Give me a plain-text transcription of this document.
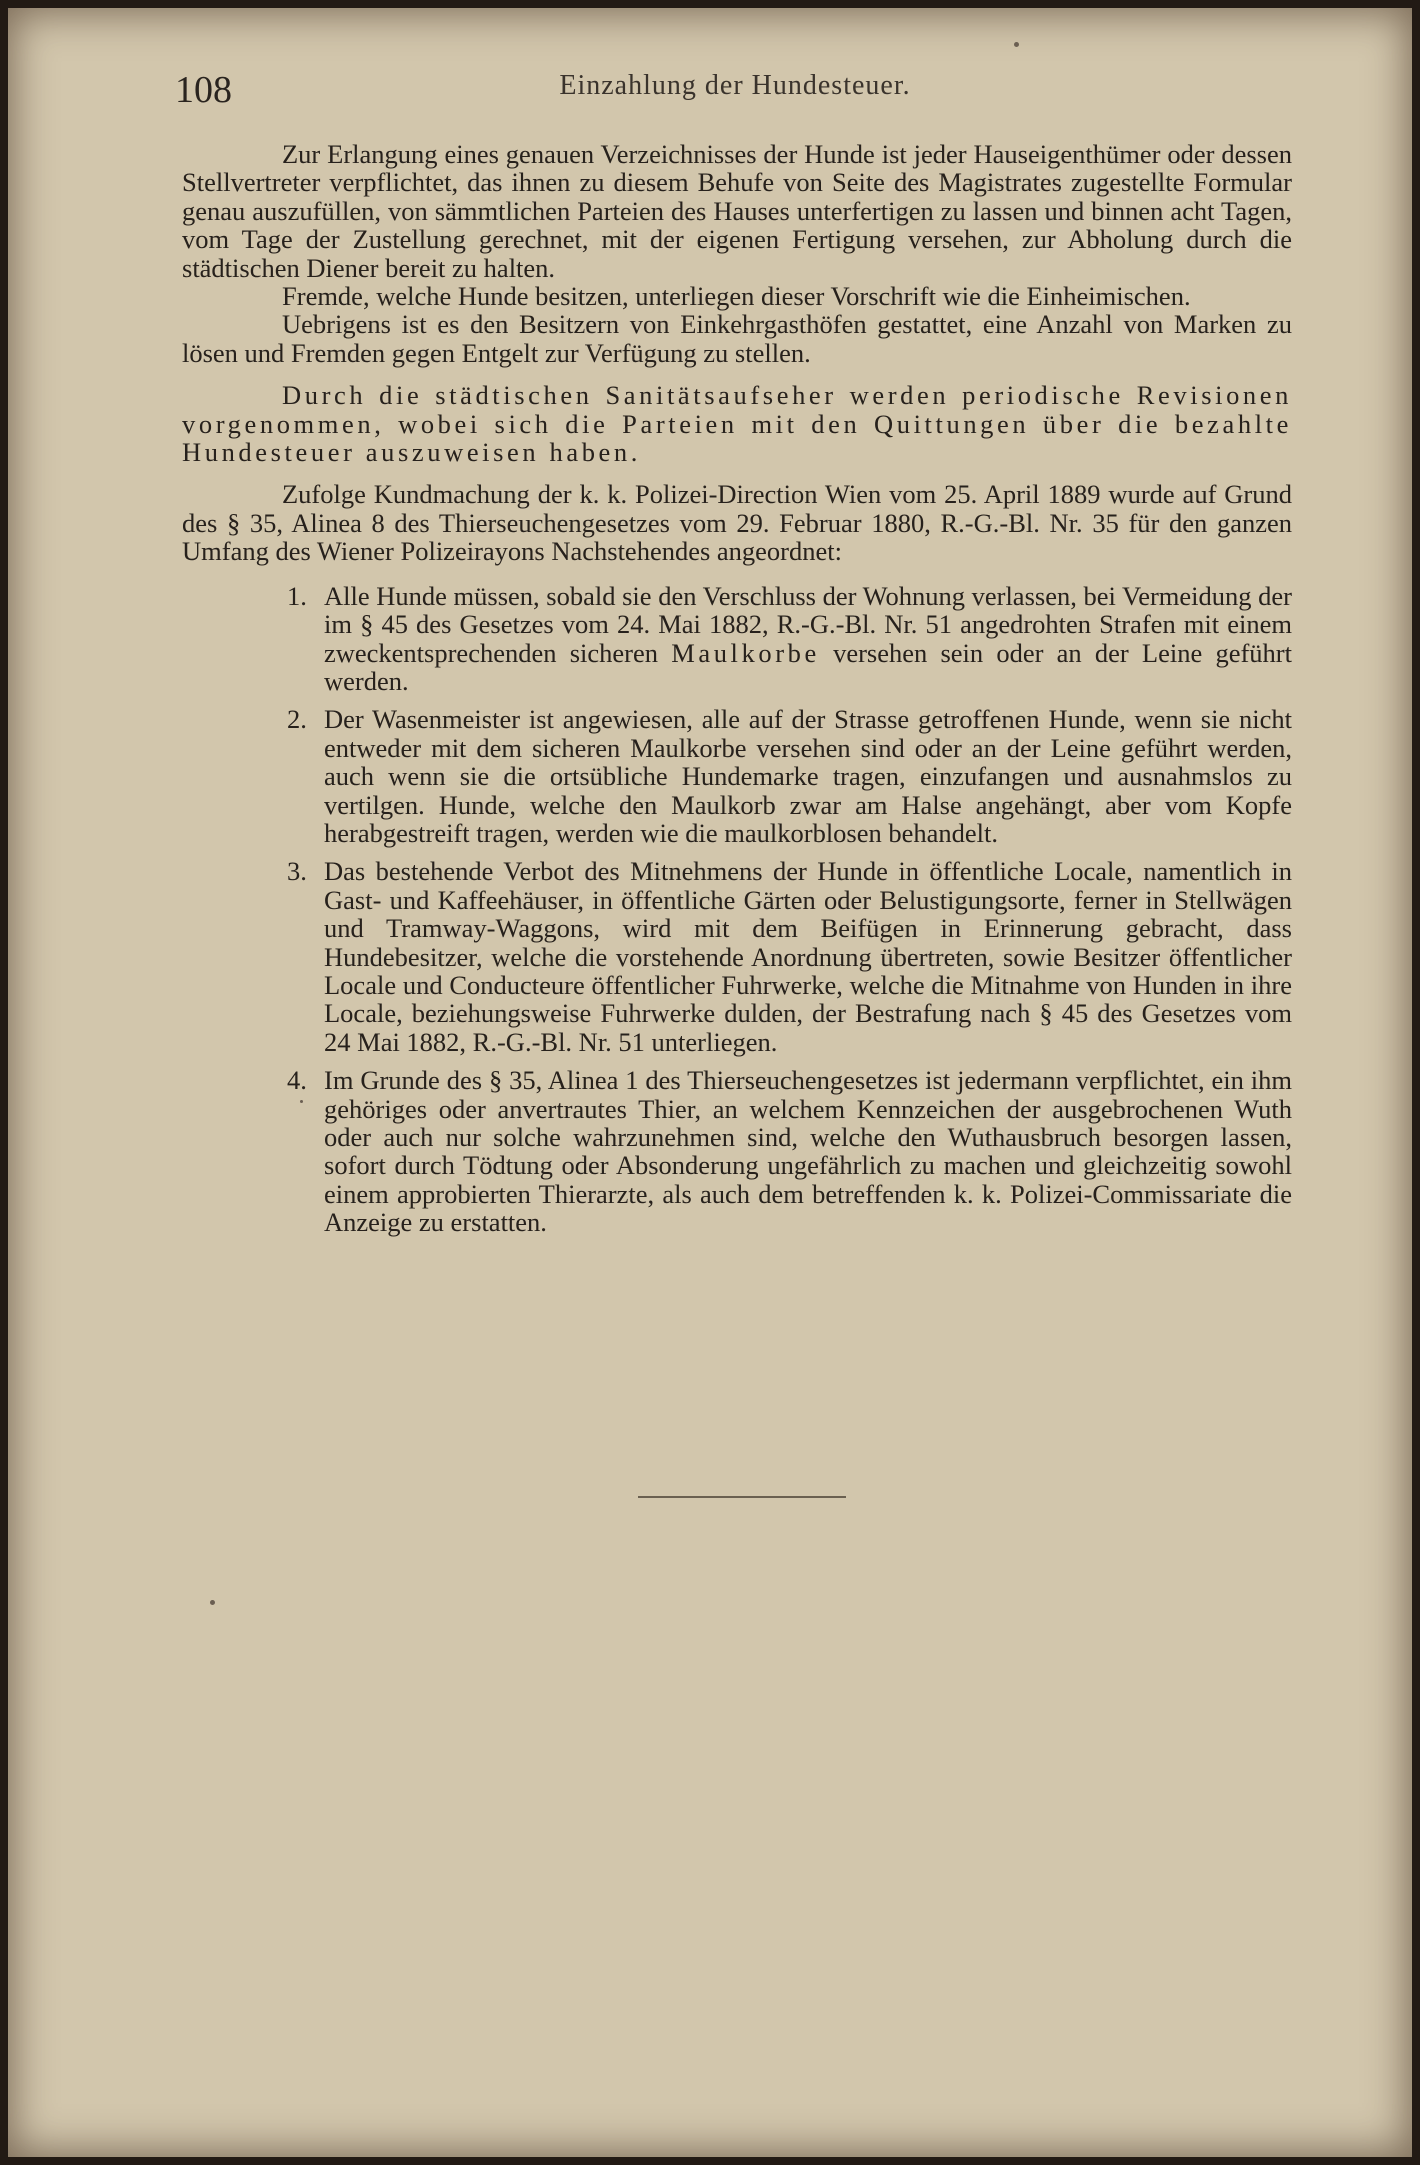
108	Einzahlung der Hundesteuer.

Zur Erlangung eines genauen Verzeichnisses der Hunde ist jeder Hauseigenthümer oder dessen Stellvertreter verpflichtet, das ihnen zu diesem Behufe von Seite des Magistrates zugestellte Formular genau auszufüllen, von sämmtlichen Parteien des Hauses unterfertigen zu lassen und binnen acht Tagen, vom Tage der Zustellung gerechnet, mit der eigenen Fertigung versehen, zur Abholung durch die städtischen Diener bereit zu halten.

Fremde, welche Hunde besitzen, unterliegen dieser Vorschrift wie die Einheimischen.

Uebrigens ist es den Besitzern von Einkehrgasthöfen gestattet, eine Anzahl von Marken zu lösen und Fremden gegen Entgelt zur Verfügung zu stellen.

Durch die städtischen Sanitätsaufseher werden periodische Revisionen vorgenommen, wobei sich die Parteien mit den Quittungen über die bezahlte Hundesteuer auszuweisen haben.

Zufolge Kundmachung der k. k. Polizei-Direction Wien vom 25. April 1889 wurde auf Grund des § 35, Alinea 8 des Thierseuchengesetzes vom 29. Februar 1880, R.-G.-Bl. Nr. 35 für den ganzen Umfang des Wiener Polizeirayons Nachstehendes angeordnet:

1. Alle Hunde müssen, sobald sie den Verschluss der Wohnung verlassen, bei Vermeidung der im § 45 des Gesetzes vom 24. Mai 1882, R.-G.-Bl. Nr. 51 angedrohten Strafen mit einem zweckentsprechenden sicheren Maulkorbe versehen sein oder an der Leine geführt werden.
2. Der Wasenmeister ist angewiesen, alle auf der Strasse getroffenen Hunde, wenn sie nicht entweder mit dem sicheren Maulkorbe versehen sind oder an der Leine geführt werden, auch wenn sie die ortsübliche Hundemarke tragen, einzufangen und ausnahmslos zu vertilgen. Hunde, welche den Maulkorb zwar am Halse angehängt, aber vom Kopfe herabgestreift tragen, werden wie die maulkorblosen behandelt.
3. Das bestehende Verbot des Mitnehmens der Hunde in öffentliche Locale, namentlich in Gast- und Kaffeehäuser, in öffentliche Gärten oder Belustigungsorte, ferner in Stellwägen und Tramway-Waggons, wird mit dem Beifügen in Erinnerung gebracht, dass Hundebesitzer, welche die vorstehende Anordnung übertreten, sowie Besitzer öffentlicher Locale und Conducteure öffentlicher Fuhrwerke, welche die Mitnahme von Hunden in ihre Locale, beziehungsweise Fuhrwerke dulden, der Bestrafung nach § 45 des Gesetzes vom 24 Mai 1882, R.-G.-Bl. Nr. 51 unterliegen.
4. Im Grunde des § 35, Alinea 1 des Thierseuchengesetzes ist jedermann verpflichtet, ein ihm gehöriges oder anvertrautes Thier, an welchem Kennzeichen der ausgebrochenen Wuth oder auch nur solche wahrzunehmen sind, welche den Wuthausbruch besorgen lassen, sofort durch Tödtung oder Absonderung ungefährlich zu machen und gleichzeitig sowohl einem approbierten Thierarzte, als auch dem betreffenden k. k. Polizei-Commissariate die Anzeige zu erstatten.
